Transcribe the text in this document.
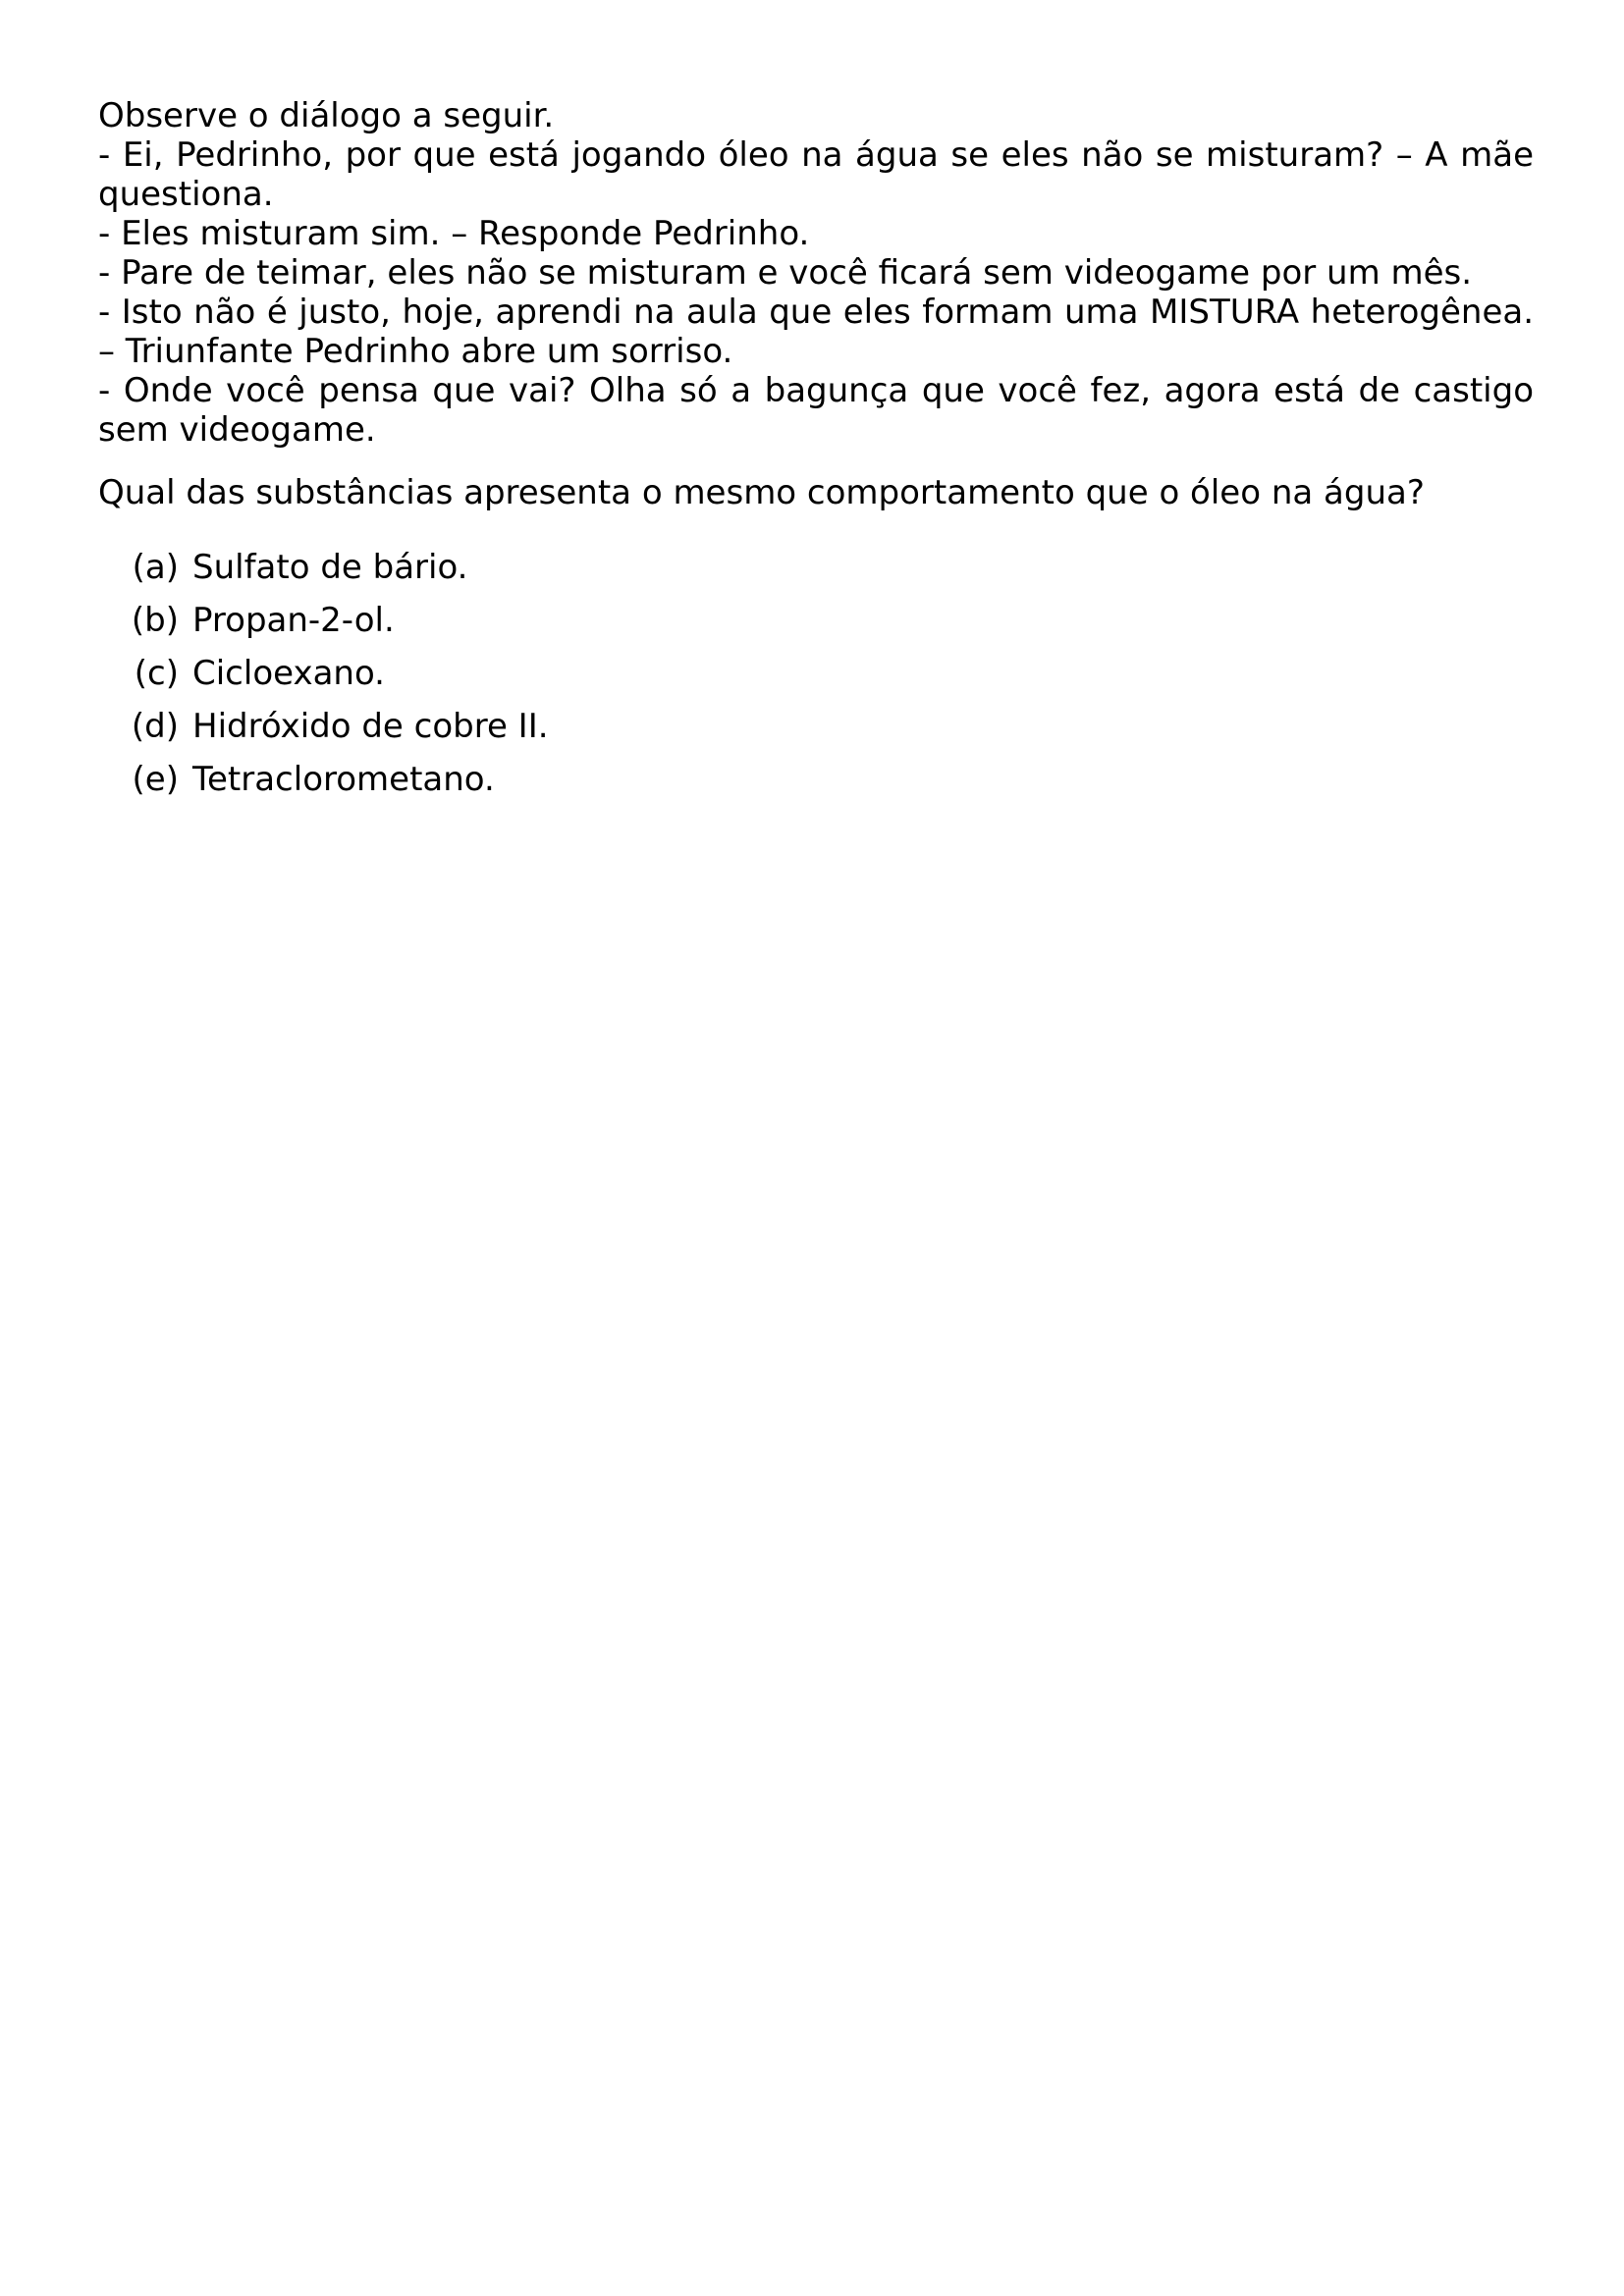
Observe o diálogo a seguir.

- Ei, Pedrinho, por que está jogando óleo na água se eles não se misturam? – A mãe questiona.

- Eles misturam sim. – Responde Pedrinho.

- Pare de teimar, eles não se misturam e você ficará sem videogame por um mês.

- Isto não é justo, hoje, aprendi na aula que eles formam uma MISTURA heterogênea. – Triunfante Pedrinho abre um sorriso.

- Onde você pensa que vai? Olha só a bagunça que você fez, agora está de castigo sem videogame.

Qual das substâncias apresenta o mesmo comportamento que o óleo na água?

(a) Sulfato de bário.
(b) Propan-2-ol.
(c) Cicloexano.
(d) Hidróxido de cobre II.
(e) Tetraclorometano.
